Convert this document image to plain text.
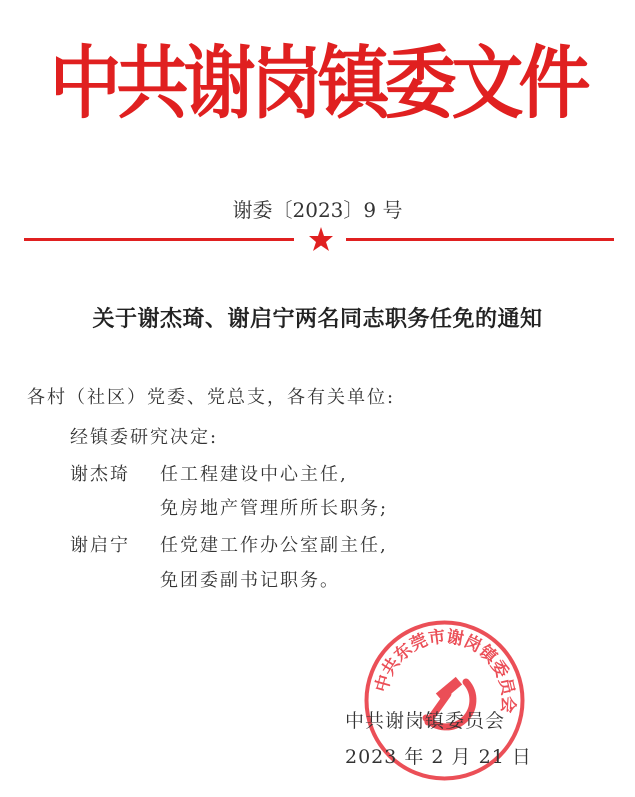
中共谢岗镇委文件
谢委〔2023〕9 号
关于谢杰琦、谢启宁两名同志职务任免的通知
各村（社区）党委、党总支，各有关单位:
经镇委研究决定:
谢杰琦 任工程建设中心主任,
免房地产管理所所长职务;
谢启宁 任党建工作办公室副主任,
免团委副书记职务。
中共东莞市谢岗镇委员会
中共谢岗镇委员会
2023 年 2 月 21 日
